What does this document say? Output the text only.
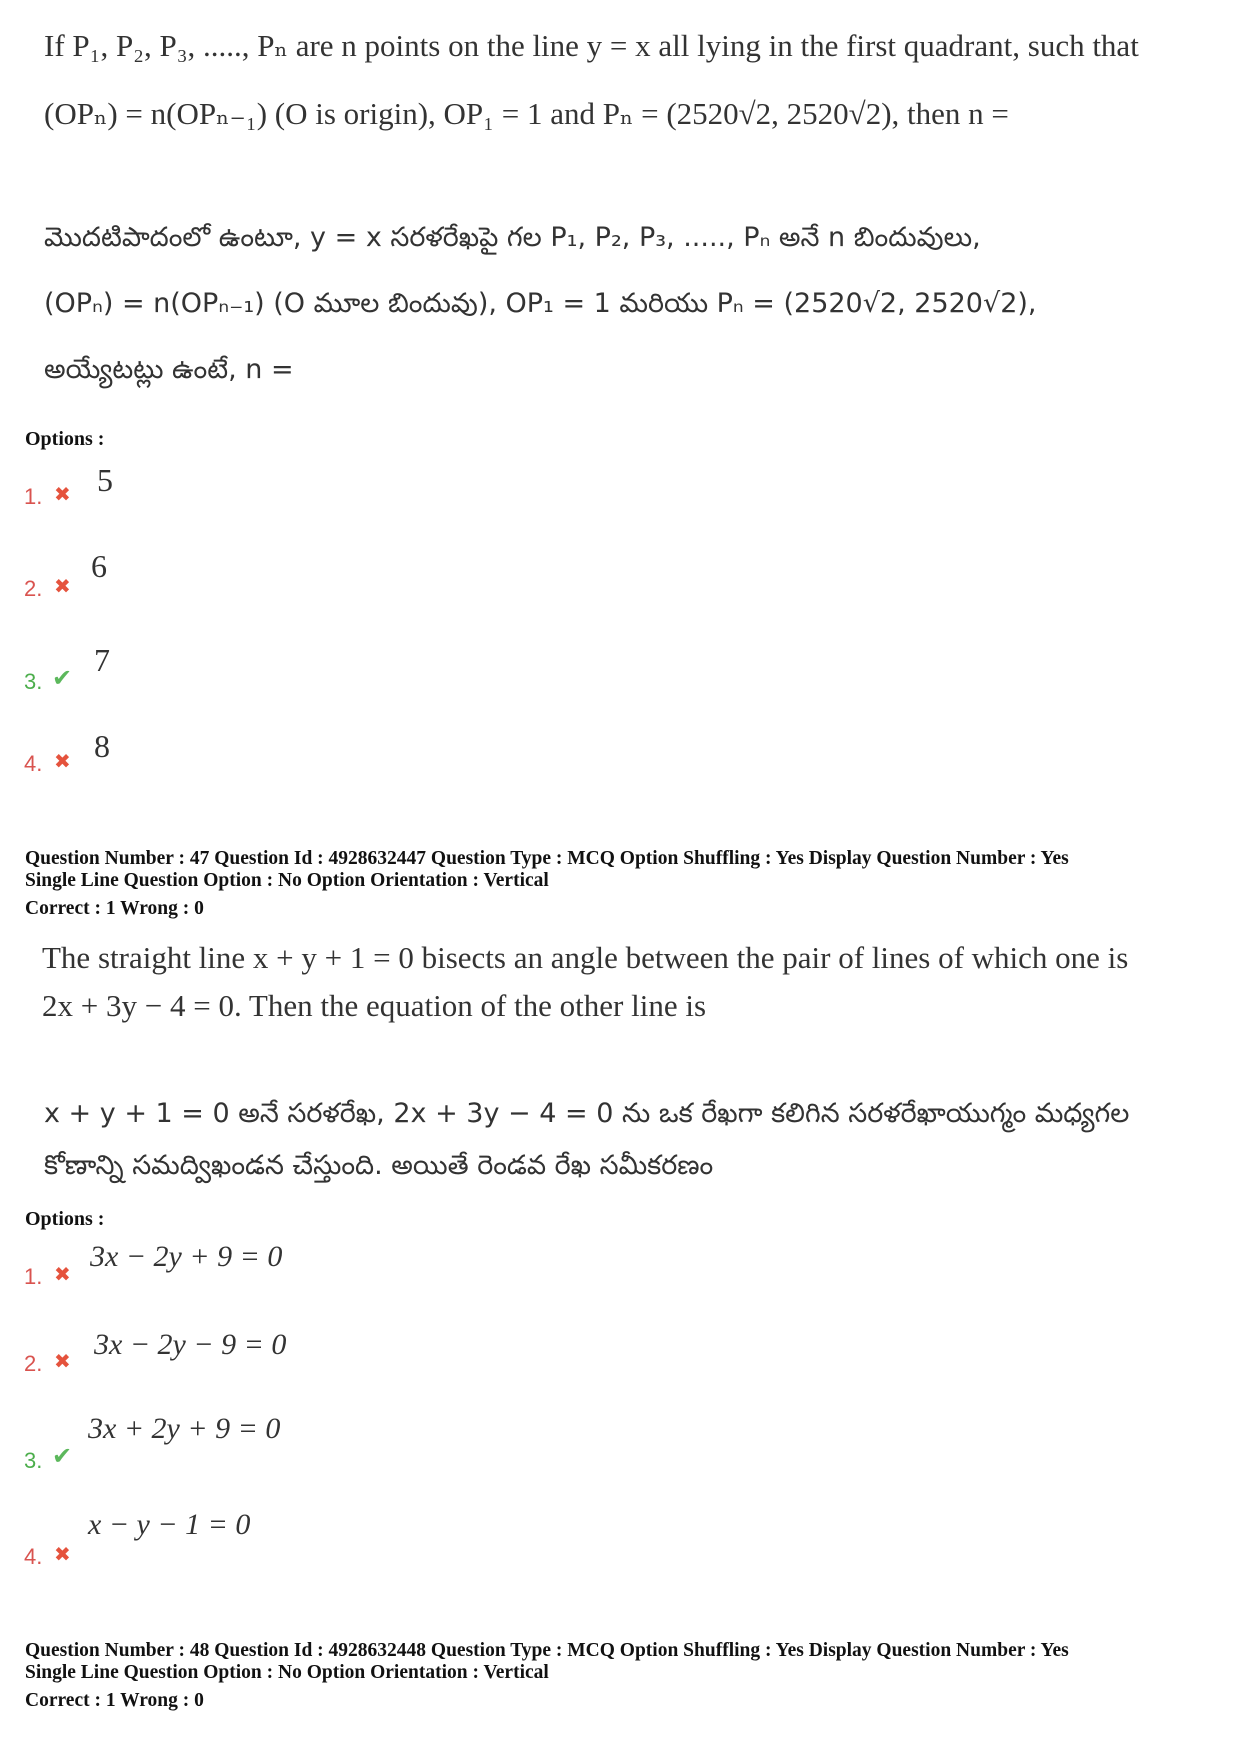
If P₁, P₂, P₃, ....., Pₙ are n points on the line y = x all lying in the first quadrant, such that
(OPₙ) = n(OPₙ₋₁) (O is origin), OP₁ = 1 and Pₙ = (2520√2, 2520√2), then n =
మొదటిపాదంలో ఉంటూ, y = x సరళరేఖపై గల P₁, P₂, P₃, ....., Pₙ అనే n బిందువులు,
(OPₙ) = n(OPₙ₋₁) (O మూల బిందువు), OP₁ = 1 మరియు Pₙ = (2520√2, 2520√2),
అయ్యేటట్లు ఉంటే, n =
Options :
1. ✖ 5
2. ✖
6
3. ✔ 7
4. ✖ 8
Question Number : 47 Question Id : 4928632447 Question Type : MCQ Option Shuffling : Yes Display Question Number : Yes
Single Line Question Option : No Option Orientation : Vertical
Correct : 1 Wrong : 0
The straight line x + y + 1 = 0 bisects an angle between the pair of lines of which one is
2x + 3y − 4 = 0. Then the equation of the other line is
x + y + 1 = 0 అనే సరళరేఖ, 2x + 3y − 4 = 0 ను ఒక రేఖగా కలిగిన సరళరేఖాయుగ్మం మధ్యగల
కోణాన్ని సమద్విఖండన చేస్తుంది. అయితే రెండవ రేఖ సమీకరణం
Options :
1. ✖
3x − 2y + 9 = 0
2. ✖ 3x − 2y − 9 = 0
3. ✔
3x + 2y + 9 = 0
4. ✖
x − y − 1 = 0
Question Number : 48 Question Id : 4928632448 Question Type : MCQ Option Shuffling : Yes Display Question Number : Yes
Single Line Question Option : No Option Orientation : Vertical
Correct : 1 Wrong : 0
